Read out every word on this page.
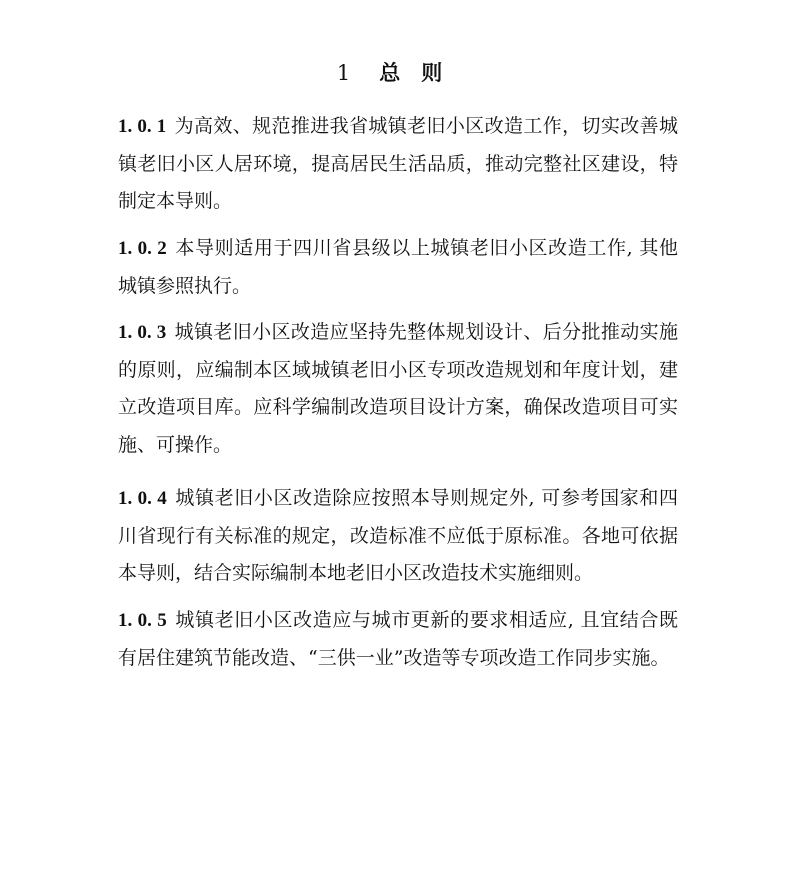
1 总 则
1. 0. 1 为高效、规范推进我省城镇老旧小区改造工作，切实改善城镇老旧小区人居环境，提高居民生活品质，推动完整社区建设，特制定本导则。
1. 0. 2 本导则适用于四川省县级以上城镇老旧小区改造工作, 其他城镇参照执行。
1. 0. 3 城镇老旧小区改造应坚持先整体规划设计、后分批推动实施的原则，应编制本区域城镇老旧小区专项改造规划和年度计划，建立改造项目库。应科学编制改造项目设计方案，确保改造项目可实施、可操作。
1. 0. 4 城镇老旧小区改造除应按照本导则规定外, 可参考国家和四川省现行有关标准的规定，改造标准不应低于原标准。各地可依据本导则，结合实际编制本地老旧小区改造技术实施细则。
1. 0. 5 城镇老旧小区改造应与城市更新的要求相适应, 且宜结合既有居住建筑节能改造、“三供一业”改造等专项改造工作同步实施。
